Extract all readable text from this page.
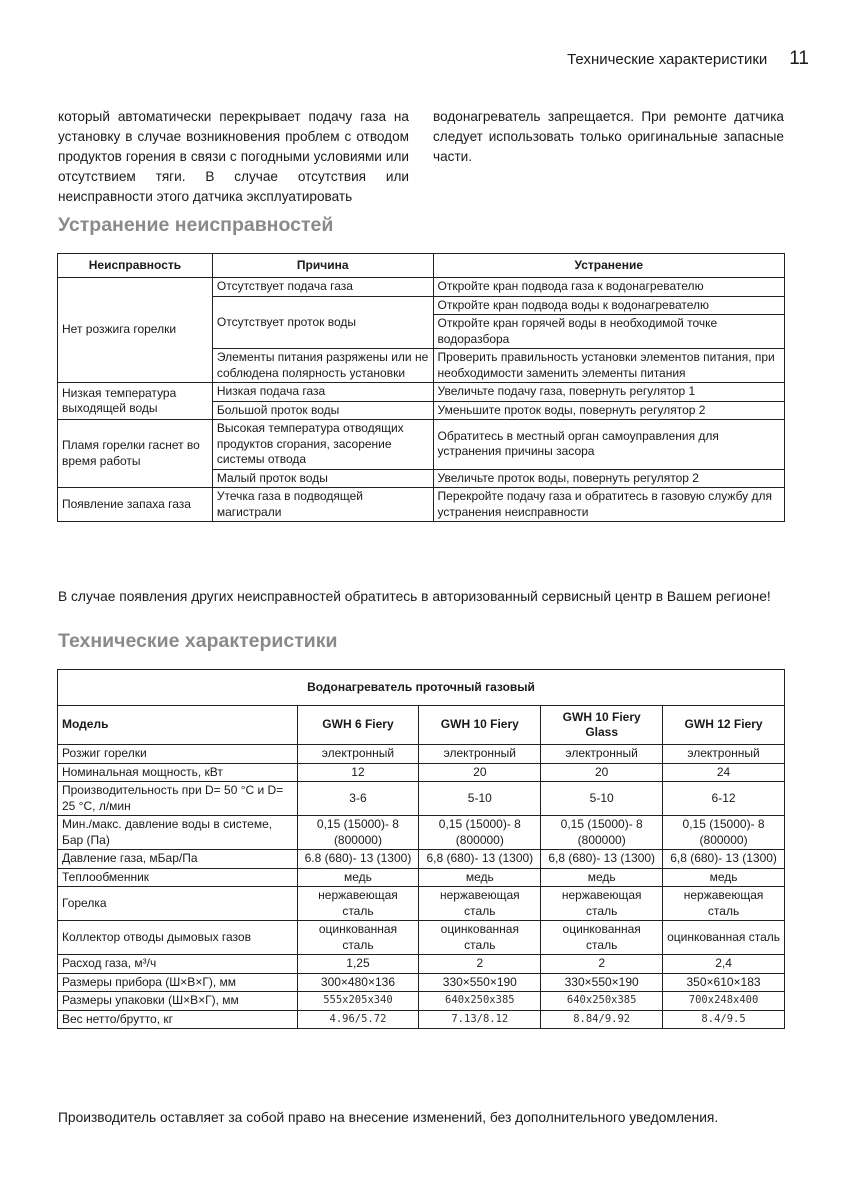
Технические характеристики 11

который автоматически перекрывает подачу газа на установку в случае возникновения проблем с отводом продуктов горения в связи с погодными условиями или отсутствием тяги. В случае отсутствия или неисправности этого датчика эксплуатировать

водонагреватель запрещается. При ремонте датчика следует использовать только оригинальные запасные части.

Устранение неисправностей
Неисправность	Причина	Устранение
Нет розжига горелки	Отсутствует подача газа	Откройте кран подвода газа к водонагревателю
	Отсутствует проток воды	Откройте кран подвода воды к водонагревателю
		Откройте кран горячей воды в необходимой точке водоразбора
	Элементы питания разряжены или не соблюдена полярность установки	Проверить правильность установки элементов питания, при необходимости заменить элементы питания
Низкая температура выходящей воды	Низкая подача газа	Увеличьте подачу газа, повернуть регулятор 1
	Большой проток воды	Уменьшите проток воды, повернуть регулятор 2
Пламя горелки гаснет во время работы	Высокая температура отводящих продуктов сгорания, засорение системы отвода	Обратитесь в местный орган самоуправления для устранения причины засора
	Малый проток воды	Увеличьте проток воды, повернуть регулятор 2
Появление запаха газа	Утечка газа в подводящей магистрали	Перекройте подачу газа и обратитесь в газовую службу для устранения неисправности

В случае появления других неисправностей обратитесь в авторизованный сервисный центр в Вашем регионе!

Технические характеристики
Водонагреватель проточный газовый				
Модель	GWH 6 Fiery	GWH 10 Fiery	GWH 10 Fiery Glass	GWH 12 Fiery
Розжиг горелки	электронный	электронный	электронный	электронный
Номинальная мощность, кВт	12	20	20	24
Производительность при D= 50 °C и D= 25 °C, л/мин	3-6	5-10	5-10	6-12
Мин./макс. давление воды в системе, Бар (Па)	0,15 (15000)- 8 (800000)	0,15 (15000)- 8 (800000)	0,15 (15000)- 8 (800000)	0,15 (15000)- 8 (800000)
Давление газа, мБар/Па	6.8 (680)- 13 (1300)	6,8 (680)- 13 (1300)	6,8 (680)- 13 (1300)	6,8 (680)- 13 (1300)
Теплообменник	медь	медь	медь	медь
Горелка	нержавеющая сталь	нержавеющая сталь	нержавеющая сталь	нержавеющая сталь
Коллектор отводы дымовых газов	оцинкованная сталь	оцинкованная сталь	оцинкованная сталь	оцинкованная сталь
Расход газа, м³/ч	1,25	2	2	2,4
Размеры прибора (Ш×В×Г), мм	300×480×136	330×550×190	330×550×190	350×610×183
Размеры упаковки (Ш×В×Г), мм	555x205x340	640x250x385	640x250x385	700x248x400
Вес нетто/брутто, кг	4.96/5.72	7.13/8.12	8.84/9.92	8.4/9.5

Производитель оставляет за собой право на внесение изменений, без дополнительного уведомления.
